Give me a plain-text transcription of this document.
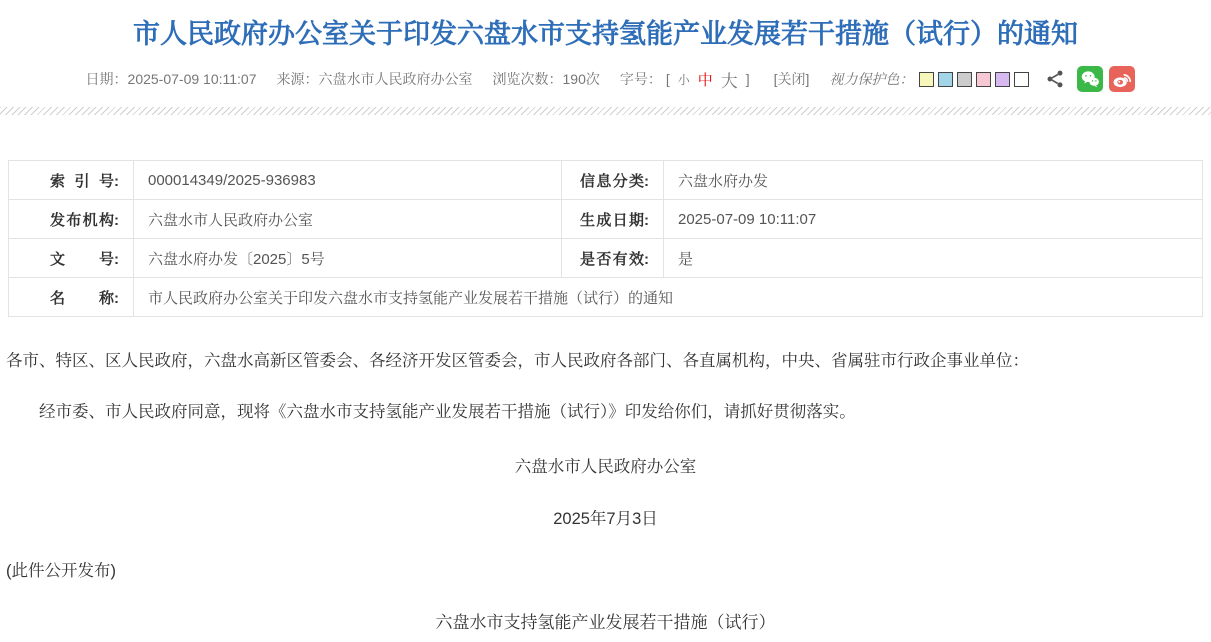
市人民政府办公室关于印发六盘水市支持氢能产业发展若干措施（试行）的通知
日期： 2025-07-09 10:11:07 来源： 六盘水市人民政府办公室 浏览次数： 190次 字号： [ 小 中 大 ] [关闭] 视力保护色：
索引号:	000014349/2025-936983	信息分类:	六盘水府办发
发布机构:	六盘水市人民政府办公室	生成日期:	2025-07-09 10:11:07
文号:	六盘水府办发〔2025〕5号	是否有效:	是
名称:	市人民政府办公室关于印发六盘水市支持氢能产业发展若干措施（试行）的通知		

各市、特区、区人民政府，六盘水高新区管委会、各经济开发区管委会，市人民政府各部门、各直属机构，中央、省属驻市行政企事业单位：

经市委、市人民政府同意，现将《六盘水市支持氢能产业发展若干措施（试行）》印发给你们，请抓好贯彻落实。

六盘水市人民政府办公室

2025年7月3日

(此件公开发布)

六盘水市支持氢能产业发展若干措施（试行）
